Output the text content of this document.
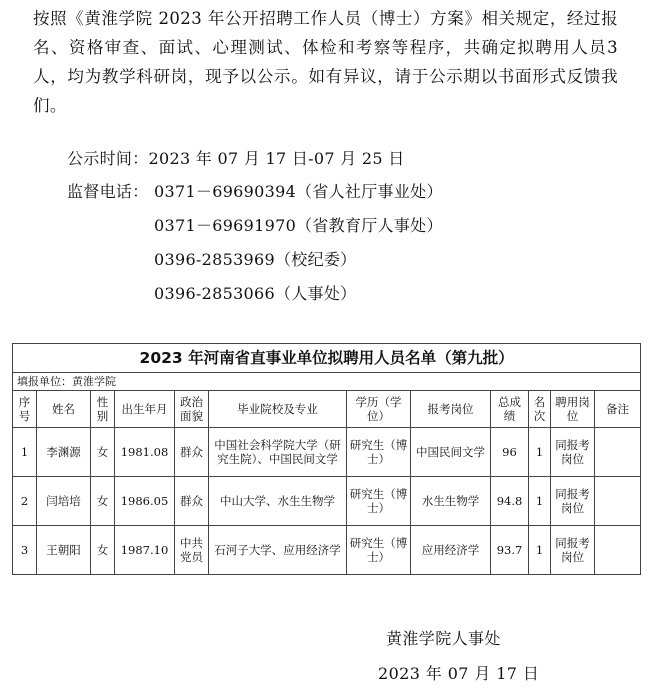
按照《黄淮学院 2023 年公开招聘工作人员（博士）方案》相关规定，经过报名、资格审查、面试、心理测试、体检和考察等程序，共确定拟聘用人员3人，均为教学科研岗，现予以公示。如有异议，请于公示期以书面形式反馈我们。
公示时间：2023 年 07 月 17 日-07 月 25 日
监督电话： 0371－69690394（省人社厅事业处）
0371－69691970（省教育厅人事处）
0396-2853969（校纪委）
0396-2853066（人事处）
2023 年河南省直事业单位拟聘用人员名单（第九批）											
填报单位：黄淮学院											
序号	姓名	性别	出生年月	政治面貌	毕业院校及专业	学历（学位）	报考岗位	总成绩	名次	聘用岗位	备注
1	李渊源	女	1981.08	群众	中国社会科学院大学（研究生院）、中国民间文学	研究生（博士）	中国民间文学	96	1	同报考岗位	
2	闫培培	女	1986.05	群众	中山大学、水生生物学	研究生（博士）	水生生物学	94.8	1	同报考岗位	
3	王朝阳	女	1987.10	中共党员	石河子大学、应用经济学	研究生（博士）	应用经济学	93.7	1	同报考岗位	
黄淮学院人事处
2023 年 07 月 17 日
